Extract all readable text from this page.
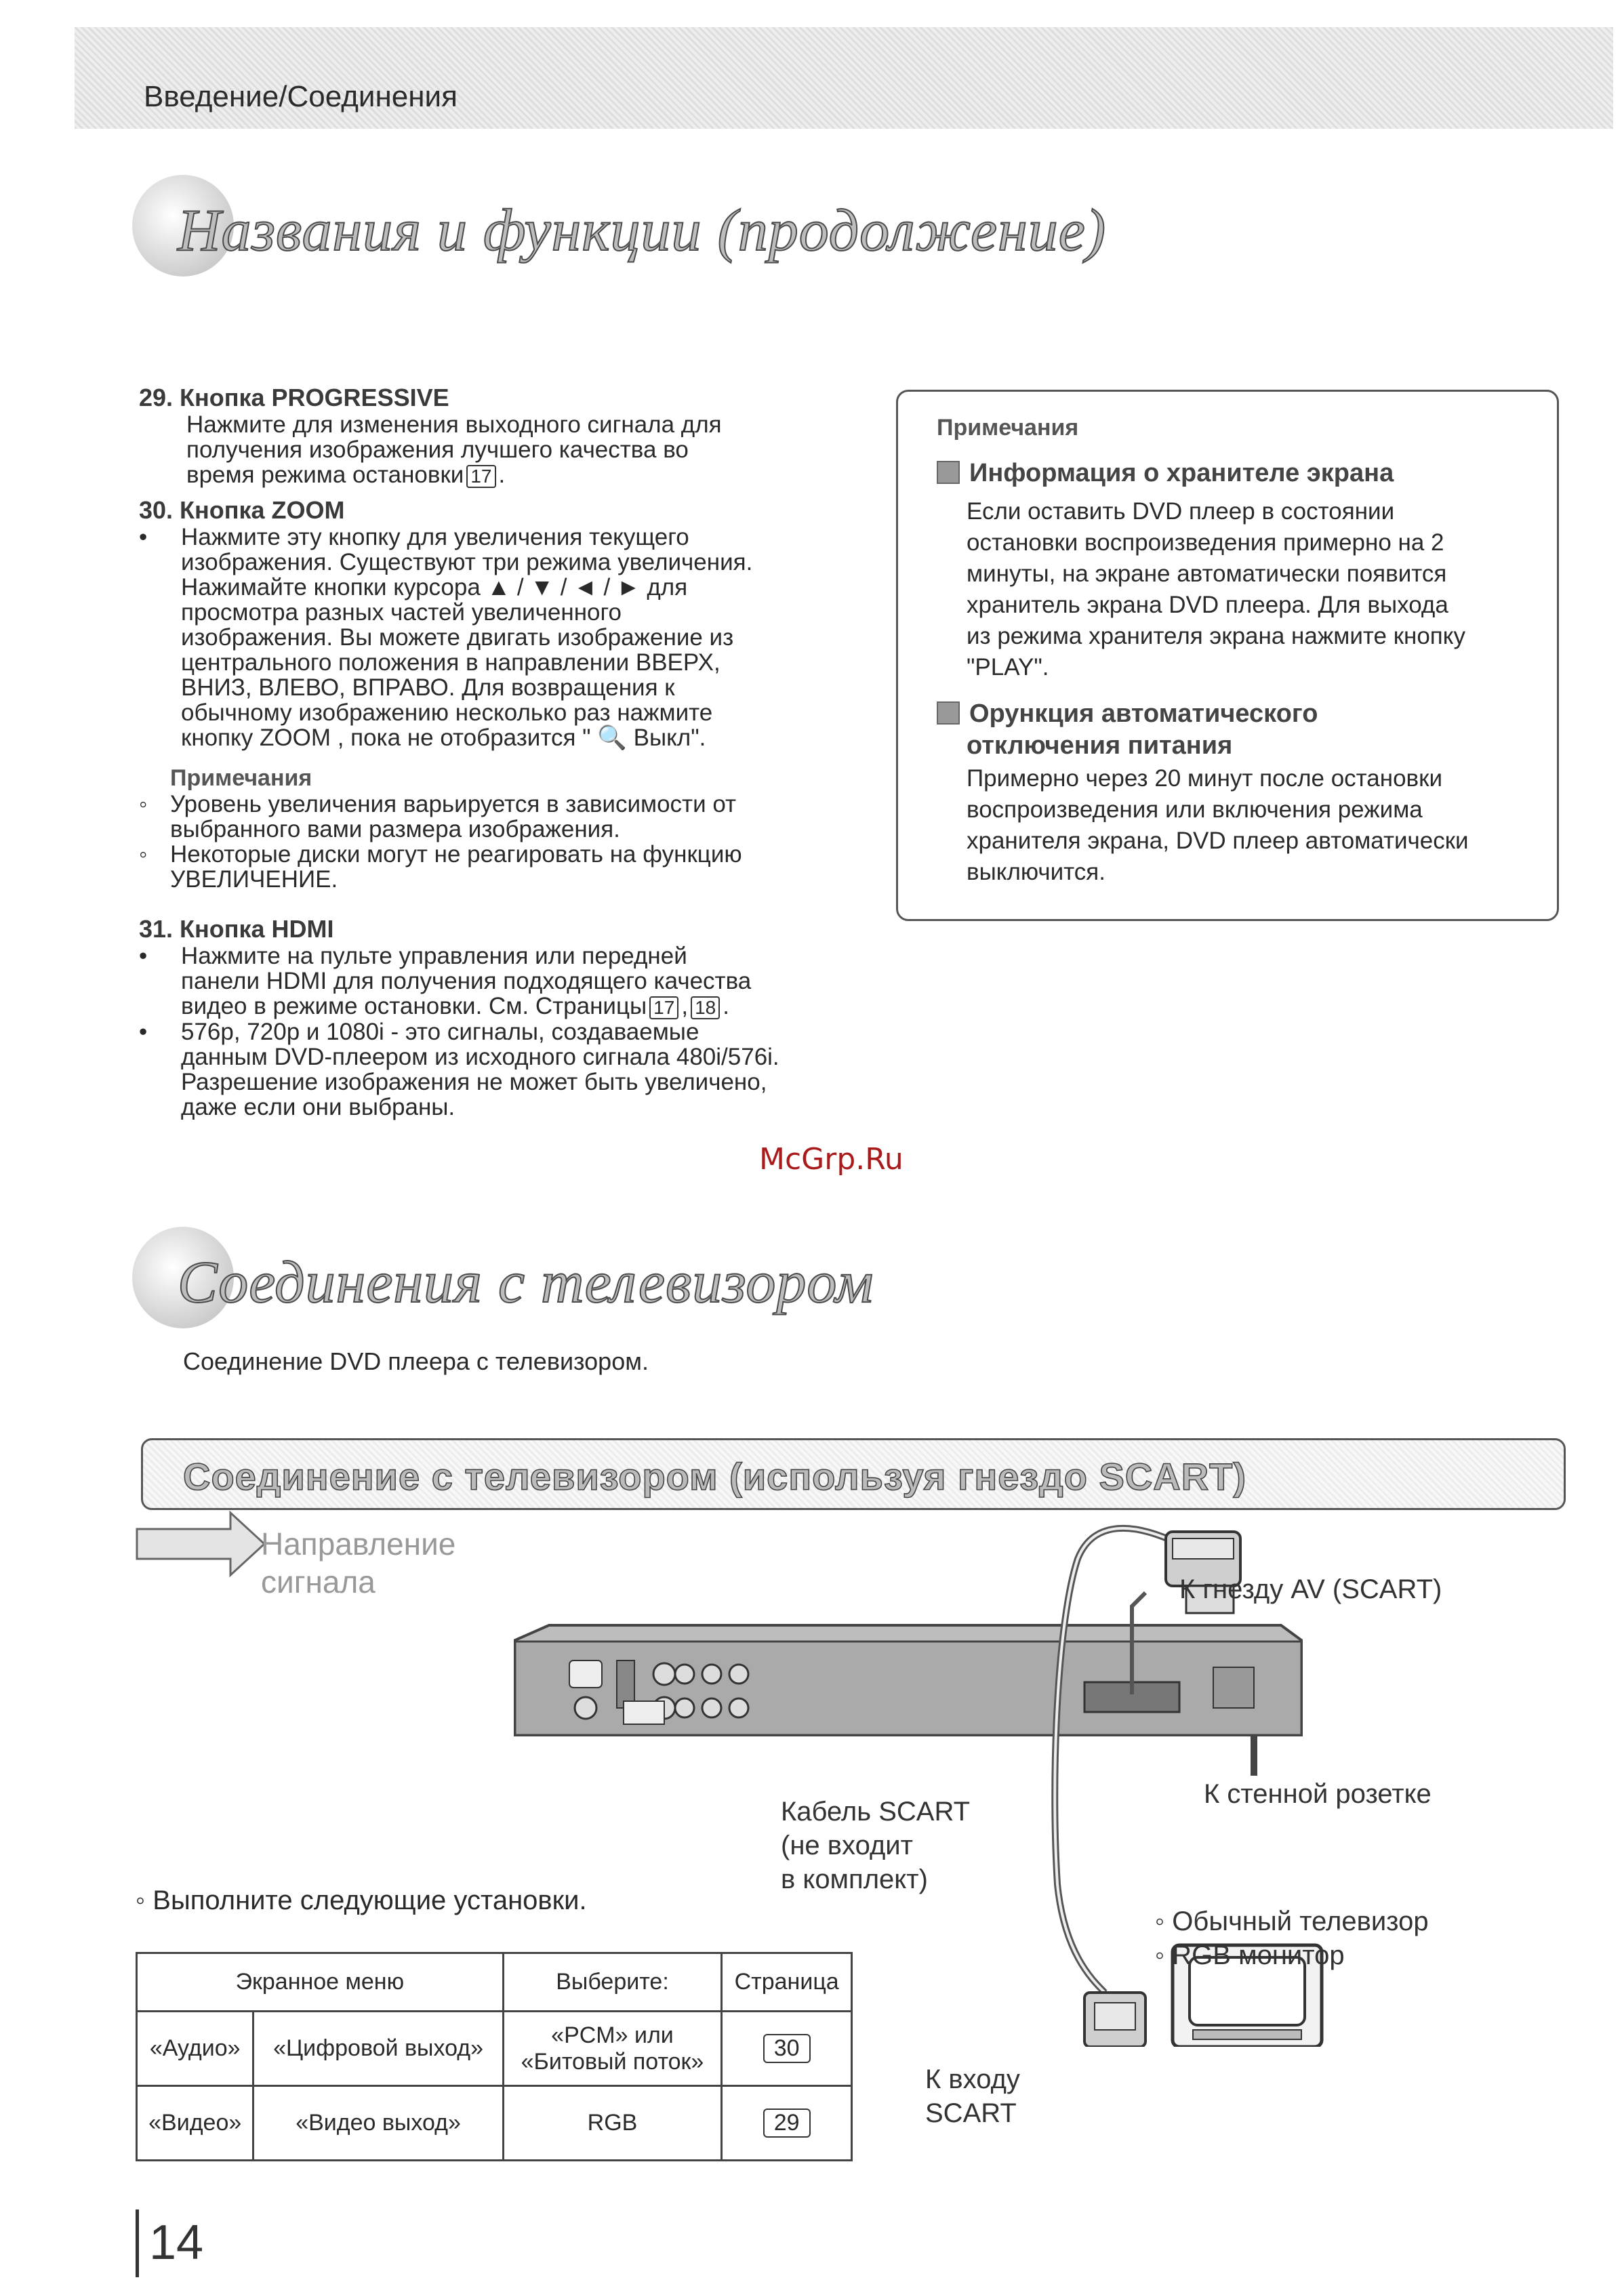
Введение/Соединения
Названия и функции (продолжение)
29. Кнопка PROGRESSIVE
Нажмите для изменения выходного сигнала для
получения изображения лучшего качества во
время режима остановки 17 .
30. Кнопка ZOOM
• Нажмите эту кнопку для увеличения текущего
изображения. Существуют три режима увеличения.
Нажимайте кнопки курсора ▲ / ▼ / ◄ / ► для
просмотра разных частей увеличенного
изображения. Вы можете двигать изображение из
центрального положения в направлении ВВЕРХ,
ВНИЗ, ВЛЕВО, ВПРАВО. Для возвращения к
обычному изображению несколько раз нажмите
кнопку ZOOM , пока не отобразится " 🔍 Выкл".
Примечания
◦ Уровень увеличения варьируется в зависимости от
выбранного вами размера изображения.
◦ Некоторые диски могут не реагировать на функцию
УВЕЛИЧЕНИЕ.
31. Кнопка HDMI
• Нажмите на пульте управления или передней
панели HDMI для получения подходящего качества
видео в режиме остановки. См. Страницы 17 , 18 .
• 576p, 720p и 1080i - это сигналы, создаваемые
данным DVD-плеером из исходного сигнала 480i/576i.
Разрешение изображения не может быть увеличено,
даже если они выбраны.
Примечания
Информация о хранителе экрана
Если оставить DVD плеер в состоянии
остановки воспроизведения примерно на 2
минуты, на экране автоматически появится
хранитель экрана DVD плеера. Для выхода
из режима хранителя экрана нажмите кнопку
"PLAY".
Орункция автоматического
отключения питания
Примерно через 20 минут после остановки
воспроизведения или включения режима
хранителя экрана, DVD плеер автоматически
выключится.
McGrp.Ru
Соединения с телевизором
Соединение DVD плеера с телевизором.
Соединение с телевизором (используя гнездо SCART)
Направление
сигнала	К гнезду AV (SCART)
К стенной розетке
Кабель SCART
(не входит
в комплект)
◦ Обычный телевизор
◦ RGB монитор
К входу
SCART
◦ Выполните следующие установки.
Экранное меню		Выберите:	Страница
«Аудио»	«Цифровой выход»	«PCM» или
«Битовый поток»	30
«Видео»	«Видео выход»	RGB	29
14
